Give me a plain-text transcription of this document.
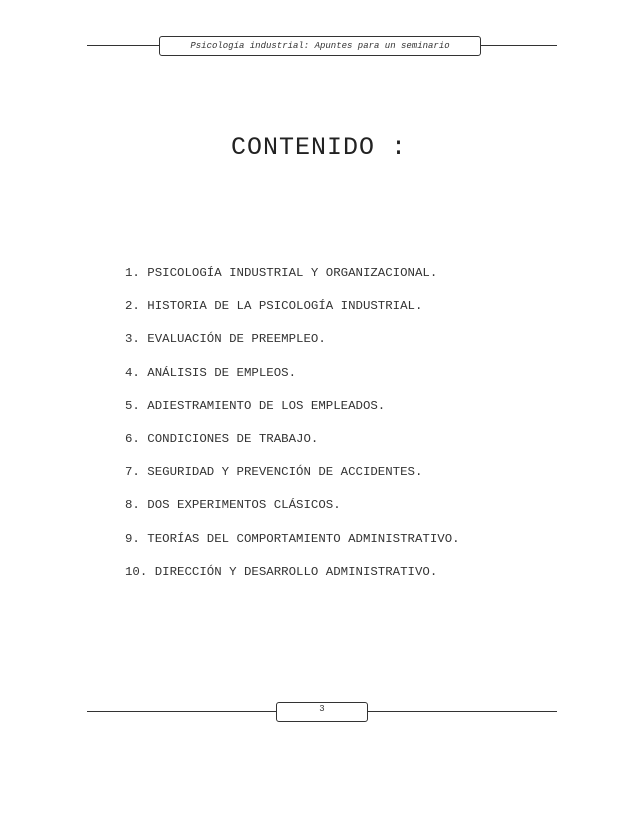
Psicología industrial: Apuntes para un seminario
CONTENIDO :
1. PSICOLOGÍA INDUSTRIAL Y ORGANIZACIONAL.
2. HISTORIA DE LA PSICOLOGÍA INDUSTRIAL.
3. EVALUACIÓN DE PREEMPLEO.
4. ANÁLISIS DE EMPLEOS.
5. ADIESTRAMIENTO DE LOS EMPLEADOS.
6. CONDICIONES DE TRABAJO.
7. SEGURIDAD Y PREVENCIÓN DE ACCIDENTES.
8. DOS EXPERIMENTOS CLÁSICOS.
9. TEORÍAS DEL COMPORTAMIENTO ADMINISTRATIVO.
10. DIRECCIÓN Y DESARROLLO ADMINISTRATIVO.
3
